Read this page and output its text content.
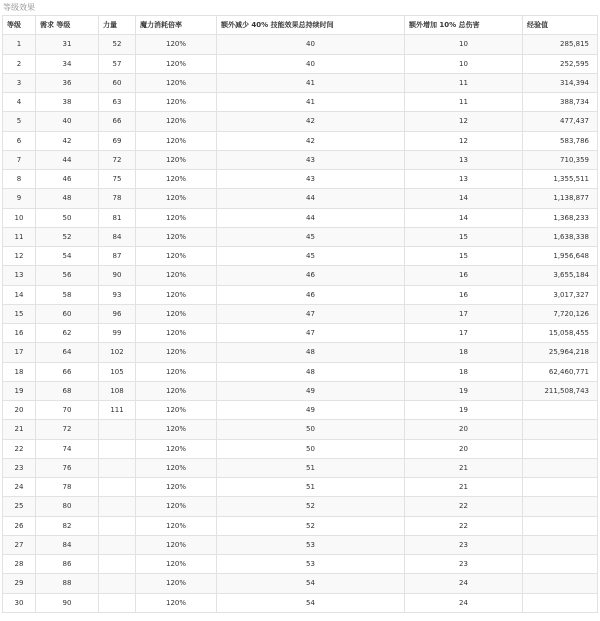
等级效果
等级	需求 等级	力量	魔力消耗倍率	额外减少 40% 技能效果总持续时间	额外增加 10% 总伤害	经验值
1	31	52	120%	40	10	285,815
2	34	57	120%	40	10	252,595
3	36	60	120%	41	11	314,394
4	38	63	120%	41	11	388,734
5	40	66	120%	42	12	477,437
6	42	69	120%	42	12	583,786
7	44	72	120%	43	13	710,359
8	46	75	120%	43	13	1,355,511
9	48	78	120%	44	14	1,138,877
10	50	81	120%	44	14	1,368,233
11	52	84	120%	45	15	1,638,338
12	54	87	120%	45	15	1,956,648
13	56	90	120%	46	16	3,655,184
14	58	93	120%	46	16	3,017,327
15	60	96	120%	47	17	7,720,126
16	62	99	120%	47	17	15,058,455
17	64	102	120%	48	18	25,964,218
18	66	105	120%	48	18	62,460,771
19	68	108	120%	49	19	211,508,743
20	70	111	120%	49	19	
21	72		120%	50	20	
22	74		120%	50	20	
23	76		120%	51	21	
24	78		120%	51	21	
25	80		120%	52	22	
26	82		120%	52	22	
27	84		120%	53	23	
28	86		120%	53	23	
29	88		120%	54	24	
30	90		120%	54	24	
